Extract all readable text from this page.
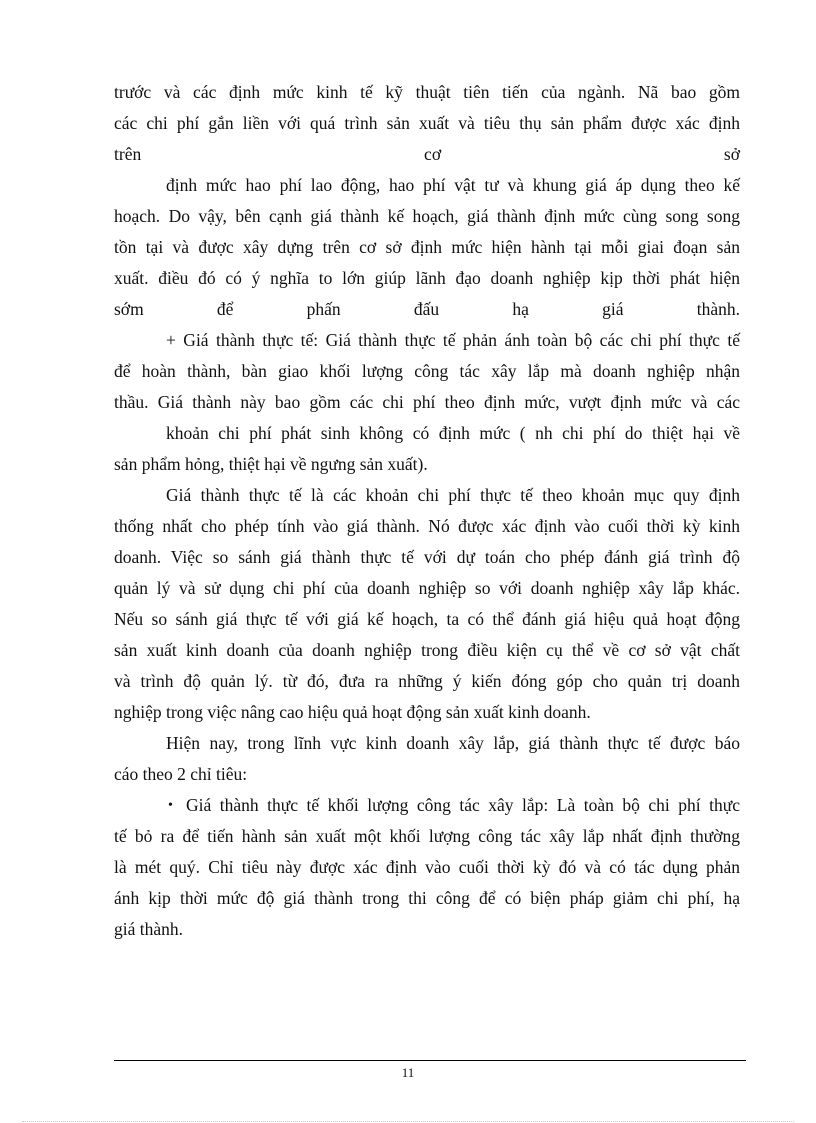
trước và các định mức kinh tế kỹ thuật tiên tiến của ngành. Nã bao gồm
các chi phí gắn liền với quá trình sản xuất và tiêu thụ sản phẩm được xác định
trên cơ sở
định mức hao phí lao động, hao phí vật tư và khung giá áp dụng theo kế
hoạch. Do vậy, bên cạnh giá thành kế hoạch, giá thành định mức cùng song song
tồn tại và được xây dựng trên cơ sở định mức hiện hành tại mỗi giai đoạn sản
xuất. điều đó có ý nghĩa to lớn giúp lãnh đạo doanh nghiệp kịp thời phát hiện
sớm để phấn đấu hạ giá thành.
+ Giá thành thực tế: Giá thành thực tế phản ánh toàn bộ các chi phí thực tế
để hoàn thành, bàn giao khối lượng công tác xây lắp mà doanh nghiệp nhận
thầu. Giá thành này bao gồm các chi phí theo định mức, vượt định mức và các
khoản chi phí phát sinh không có định mức ( nh chi phí do thiệt hại về
sản phẩm hỏng, thiệt hại về ngưng sản xuất).
Giá thành thực tế là các khoản chi phí thực tế theo khoản mục quy định
thống nhất cho phép tính vào giá thành. Nó được xác định vào cuối thời kỳ kinh
doanh. Việc so sánh giá thành thực tế với dự toán cho phép đánh giá trình độ
quản lý và sử dụng chi phí của doanh nghiệp so với doanh nghiệp xây lắp khác.
Nếu so sánh giá thực tế với giá kế hoạch, ta có thể đánh giá hiệu quả hoạt động
sản xuất kinh doanh của doanh nghiệp trong điều kiện cụ thể về cơ sở vật chất
và trình độ quản lý. từ đó, đưa ra những ý kiến đóng góp cho quản trị doanh
nghiệp trong việc nâng cao hiệu quả hoạt động sản xuất kinh doanh.
Hiện nay, trong lĩnh vực kinh doanh xây lắp, giá thành thực tế được báo
cáo theo 2 chỉ tiêu:
• Giá thành thực tế khối lượng công tác xây lắp: Là toàn bộ chi phí thực
tế bỏ ra để tiến hành sản xuất một khối lượng công tác xây lắp nhất định thường
là mét quý. Chỉ tiêu này được xác định vào cuối thời kỳ đó và có tác dụng phản
ánh kịp thời mức độ giá thành trong thi công để có biện pháp giảm chi phí, hạ
giá thành.
11
